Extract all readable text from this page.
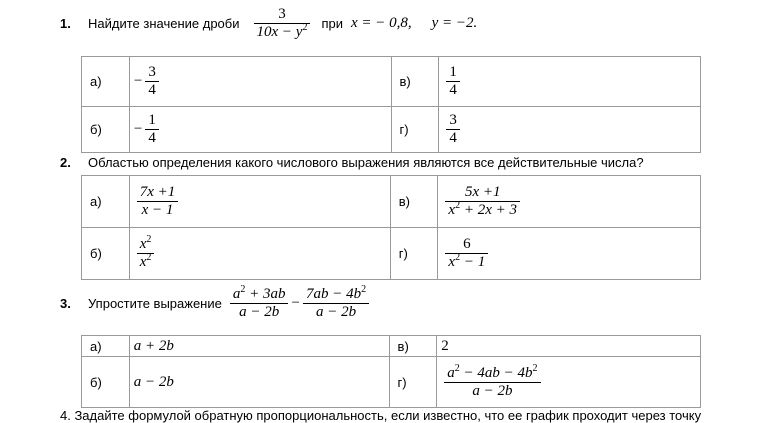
1.	Найдите значение дроби $\frac{3}{10x - y^2}$ при x = − 0,8, y = −2.
а)	− $\frac{3}{4}$	в)	$\frac{1}{4}$

б)	− $\frac{1}{4}$	г)	$\frac{3}{4}$
2.	Областью определения какого числового выражения являются все действительные числа?
а)	$\frac{7x +1}{x - 1}$	в)	$\frac{5x +1}{x^2 + 2x + 3}$

б)	$\frac{x^2}{x^2}$	г)	$\frac{6}{x^2 - 1}$
3.	Упростите выражение $\frac{a^2 + 3ab}{a - 2b} - \frac{7ab - 4b^2}{a - 2b}$
а)	a + 2b	в)	2
б)	a − 2b	г)	$\frac{a^2 - 4ab - 4b^2}{a - 2b}$
4. Задайте формулой обратную пропорциональность, если известно, что ее график проходит через точку
